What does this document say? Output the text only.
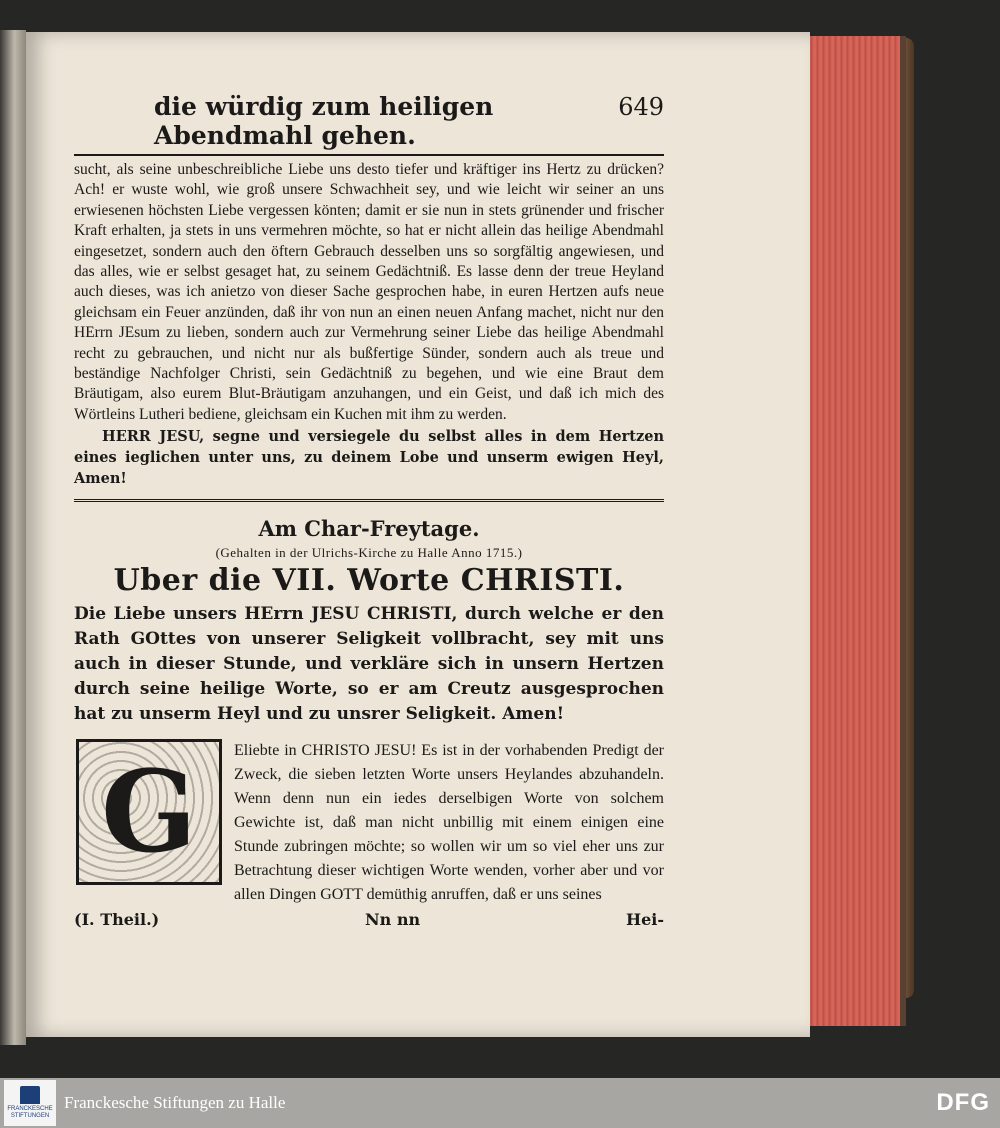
die würdig zum heiligen Abendmahl gehen.
649
sucht, als seine unbeschreibliche Liebe uns desto tiefer und kräftiger ins Hertz zu drücken? Ach! er wuste wohl, wie groß unsere Schwachheit sey, und wie leicht wir seiner an uns erwiesenen höchsten Liebe vergessen könten; damit er sie nun in stets grünender und frischer Kraft erhalten, ja stets in uns vermehren möchte, so hat er nicht allein das heilige Abendmahl eingesetzet, sondern auch den öftern Gebrauch desselben uns so sorgfältig angewiesen, und das alles, wie er selbst gesaget hat, zu seinem Gedächtniß. Es lasse denn der treue Heyland auch dieses, was ich anietzo von dieser Sache gesprochen habe, in euren Hertzen aufs neue gleichsam ein Feuer anzünden, daß ihr von nun an einen neuen Anfang machet, nicht nur den HErrn JEsum zu lieben, sondern auch zur Vermehrung seiner Liebe das heilige Abendmahl recht zu gebrauchen, und nicht nur als bußfertige Sünder, sondern auch als treue und beständige Nachfolger Christi, sein Gedächtniß zu begehen, und wie eine Braut dem Bräutigam, also eurem Blut-Bräutigam anzuhangen, und ein Geist, und daß ich mich des Wörtleins Lutheri bediene, gleichsam ein Kuchen mit ihm zu werden.
HERR JESU, segne und versiegele du selbst alles in dem Hertzen eines ieglichen unter uns, zu deinem Lobe und unserm ewigen Heyl, Amen!
Am Char-Freytage.
(Gehalten in der Ulrichs-Kirche zu Halle Anno 1715.)
Uber die VII. Worte CHRISTI.
Die Liebe unsers HErrn JESU CHRISTI, durch welche er den Rath GOttes von unserer Seligkeit vollbracht, sey mit uns auch in dieser Stunde, und verkläre sich in unsern Hertzen durch seine heilige Worte, so er am Creutz ausgesprochen hat zu unserm Heyl und zu unsrer Seligkeit. Amen!
G	Eliebte in CHRISTO JESU! Es ist in der vorhabenden Predigt der Zweck, die sieben letzten Worte unsers Heylandes abzuhandeln. Wenn denn nun ein iedes derselbigen Worte von solchem Gewichte ist, daß man nicht unbillig mit einem einigen eine Stunde zubringen möchte; so wollen wir um so viel eher uns zur Betrachtung dieser wichtigen Worte wenden, vorher aber und vor allen Dingen GOTT demüthig anruffen, daß er uns seines
(I. Theil.)	Nn nn	Hei-
FRANCKESCHE STIFTUNGEN
Franckesche Stiftungen zu Halle	DFG
